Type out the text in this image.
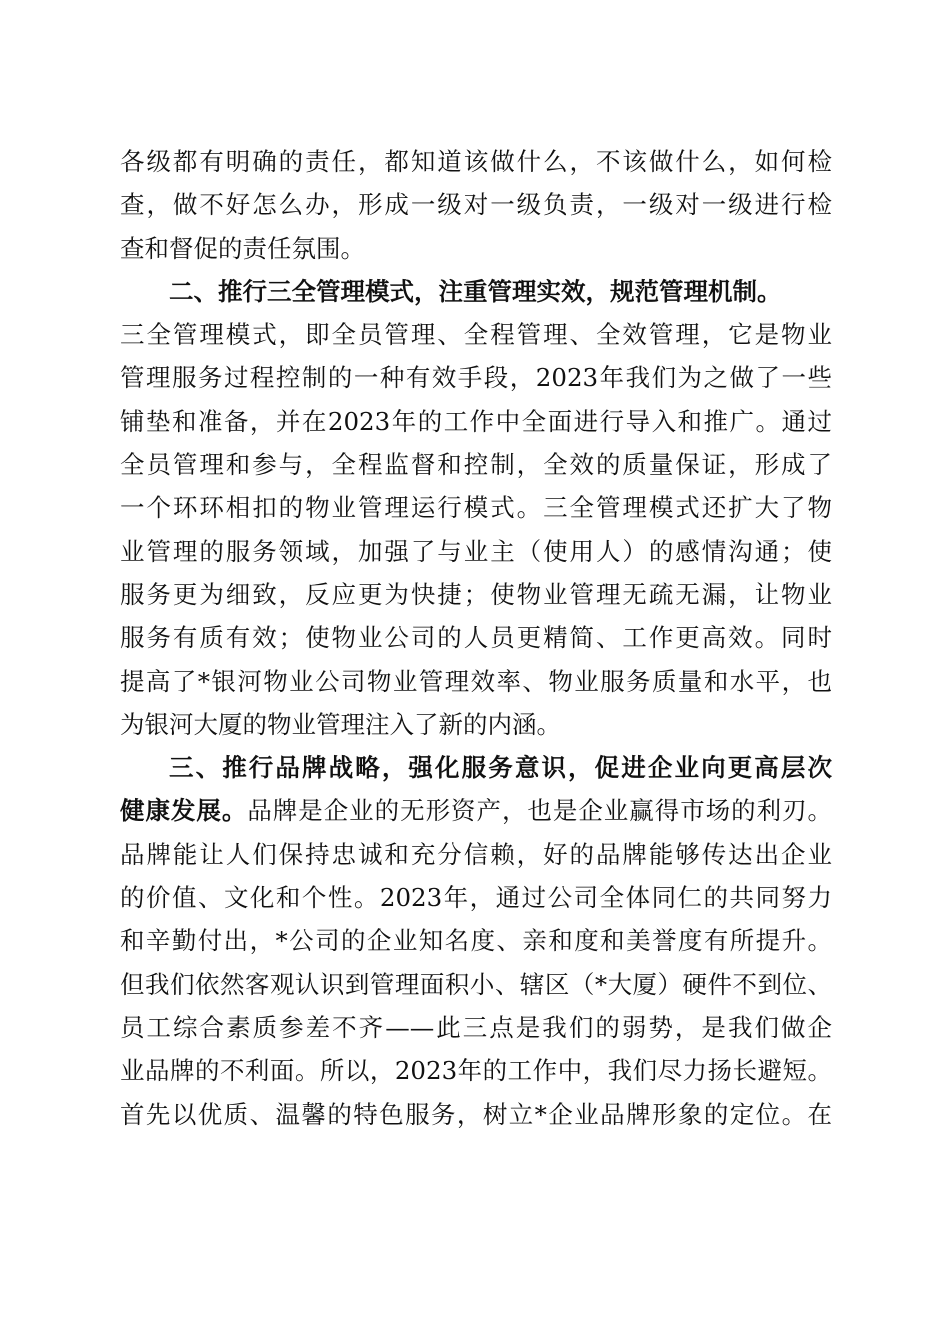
各级都有明确的责任，都知道该做什么，不该做什么，如何检
查，做不好怎么办，形成一级对一级负责，一级对一级进行检
查和督促的责任氛围。
二、推行三全管理模式，注重管理实效，规范管理机制。
三全管理模式，即全员管理、全程管理、全效管理，它是物业
管理服务过程控制的一种有效手段，2023年我们为之做了一些
铺垫和准备，并在2023年的工作中全面进行导入和推广。通过
全员管理和参与，全程监督和控制，全效的质量保证，形成了
一个环环相扣的物业管理运行模式。三全管理模式还扩大了物
业管理的服务领域，加强了与业主（使用人）的感情沟通；使
服务更为细致，反应更为快捷；使物业管理无疏无漏，让物业
服务有质有效；使物业公司的人员更精简、工作更高效。同时
提高了*银河物业公司物业管理效率、物业服务质量和水平，也
为银河大厦的物业管理注入了新的内涵。
三、推行品牌战略，强化服务意识，促进企业向更高层次
健康发展。品牌是企业的无形资产，也是企业赢得市场的利刃。
品牌能让人们保持忠诚和充分信赖，好的品牌能够传达出企业
的价值、文化和个性。2023年，通过公司全体同仁的共同努力
和辛勤付出，*公司的企业知名度、亲和度和美誉度有所提升。
但我们依然客观认识到管理面积小、辖区（*大厦）硬件不到位、
员工综合素质参差不齐——此三点是我们的弱势，是我们做企
业品牌的不利面。所以，2023年的工作中，我们尽力扬长避短。
首先以优质、温馨的特色服务，树立*企业品牌形象的定位。在
